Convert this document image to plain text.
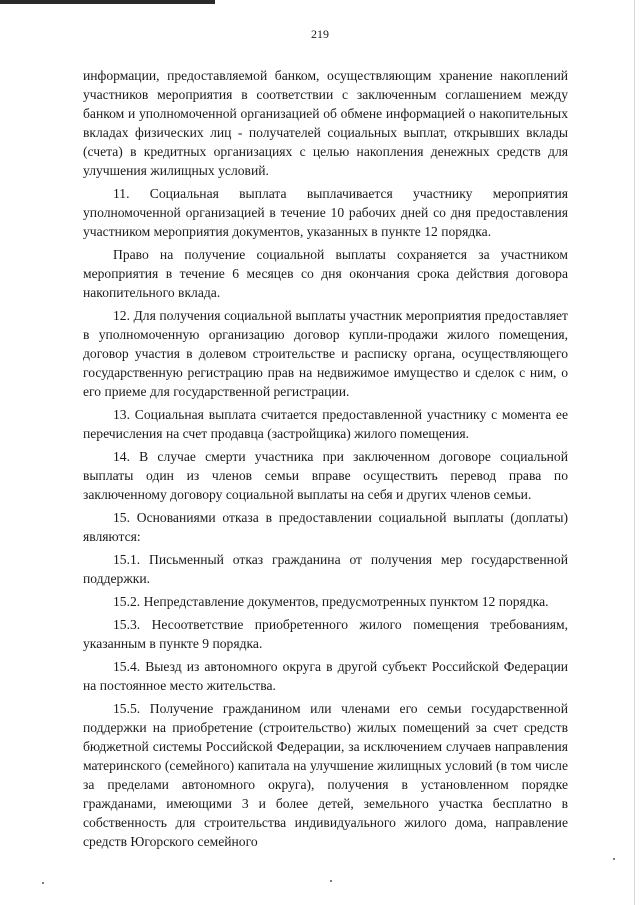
219

информации, предоставляемой банком, осуществляющим хранение накоплений участников мероприятия в соответствии с заключенным соглашением между банком и уполномоченной организацией об обмене информацией о накопительных вкладах физических лиц - получателей социальных выплат, открывших вклады (счета) в кредитных организациях с целью накопления денежных средств для улучшения жилищных условий.

11. Социальная выплата выплачивается участнику мероприятия уполномоченной организацией в течение 10 рабочих дней со дня предоставления участником мероприятия документов, указанных в пункте 12 порядка.

Право на получение социальной выплаты сохраняется за участником мероприятия в течение 6 месяцев со дня окончания срока действия договора накопительного вклада.

12. Для получения социальной выплаты участник мероприятия предоставляет в уполномоченную организацию договор купли-продажи жилого помещения, договор участия в долевом строительстве и расписку органа, осуществляющего государственную регистрацию прав на недвижимое имущество и сделок с ним, о его приеме для государственной регистрации.

13. Социальная выплата считается предоставленной участнику с момента ее перечисления на счет продавца (застройщика) жилого помещения.

14. В случае смерти участника при заключенном договоре социальной выплаты один из членов семьи вправе осуществить перевод права по заключенному договору социальной выплаты на себя и других членов семьи.

15. Основаниями отказа в предоставлении социальной выплаты (доплаты) являются:

15.1. Письменный отказ гражданина от получения мер государственной поддержки.

15.2. Непредставление документов, предусмотренных пунктом 12 порядка.

15.3. Несоответствие приобретенного жилого помещения требованиям, указанным в пункте 9 порядка.

15.4. Выезд из автономного округа в другой субъект Российской Федерации на постоянное место жительства.

15.5. Получение гражданином или членами его семьи государственной поддержки на приобретение (строительство) жилых помещений за счет средств бюджетной системы Российской Федерации, за исключением случаев направления материнского (семейного) капитала на улучшение жилищных условий (в том числе за пределами автономного округа), получения в установленном порядке гражданами, имеющими 3 и более детей, земельного участка бесплатно в собственность для строительства индивидуального жилого дома, направление средств Югорского семейного
